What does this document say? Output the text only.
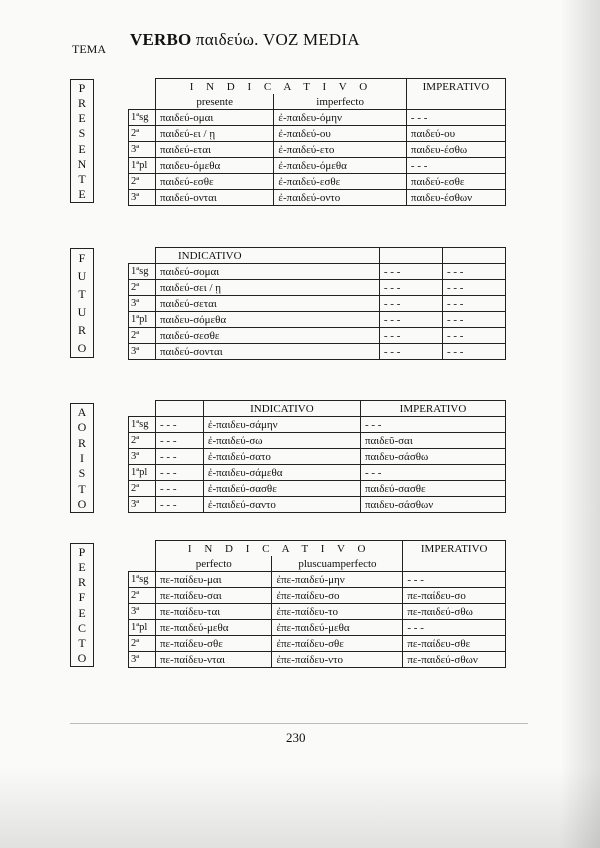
TEMA VERBO παιδεύω. VOZ MEDIA
P
R
E
S
E
N
T
E

	I N D I C A T I V O		IMPERATIVO
	presente	imperfecto	
1ªsg	παιδεύ-ομαι	ἐ-παιδευ-όμην	- - -
2ª	παιδεύ-ει / ῃ	ἐ-παιδεύ-ου	παιδεύ-ου
3ª	παιδεύ-εται	ἐ-παιδεύ-ετο	παιδευ-έσθω
1ªpl	παιδευ-όμεθα	ἐ-παιδευ-όμεθα	- - -
2ª	παιδεύ-εσθε	ἐ-παιδεύ-εσθε	παιδεύ-εσθε
3ª	παιδεύ-ονται	ἐ-παιδεύ-οντο	παιδευ-έσθων
F
U
T
U
R
O
	INDICATIVO		
1ªsg	παιδεύ-σομαι	- - -	- - -
2ª	παιδεύ-σει / ῃ	- - -	- - -
3ª	παιδεύ-σεται	- - -	- - -
1ªpl	παιδευ-σόμεθα	- - -	- - -
2ª	παιδεύ-σεσθε	- - -	- - -
3ª	παιδεύ-σονται	- - -	- - -
A
O
R
I
S
T
O
		INDICATIVO	IMPERATIVO
1ªsg	- - -	ἐ-παιδευ-σάμην	- - -
2ª	- - -	ἐ-παιδεύ-σω	παιδεῦ-σαι
3ª	- - -	ἐ-παιδεύ-σατο	παιδευ-σάσθω
1ªpl	- - -	ἐ-παιδευ-σάμεθα	- - -
2ª	- - -	ἐ-παιδεύ-σασθε	παιδεύ-σασθε
3ª	- - -	ἐ-παιδεύ-σαντο	παιδευ-σάσθων
P
E
R
F
E
C
T
O

	I N D I C A T I V O		IMPERATIVO
	perfecto	pluscuamperfecto	
1ªsg	πε-παίδευ-μαι	ἐπε-παιδεύ-μην	- - -
2ª	πε-παίδευ-σαι	ἐπε-παίδευ-σο	πε-παίδευ-σο
3ª	πε-παίδευ-ται	ἐπε-παίδευ-το	πε-παιδεύ-σθω
1ªpl	πε-παιδεύ-μεθα	ἐπε-παιδεύ-μεθα	- - -
2ª	πε-παίδευ-σθε	ἐπε-παίδευ-σθε	πε-παίδευ-σθε
3ª	πε-παίδευ-νται	ἐπε-παίδευ-ντο	πε-παιδεύ-σθων
230
